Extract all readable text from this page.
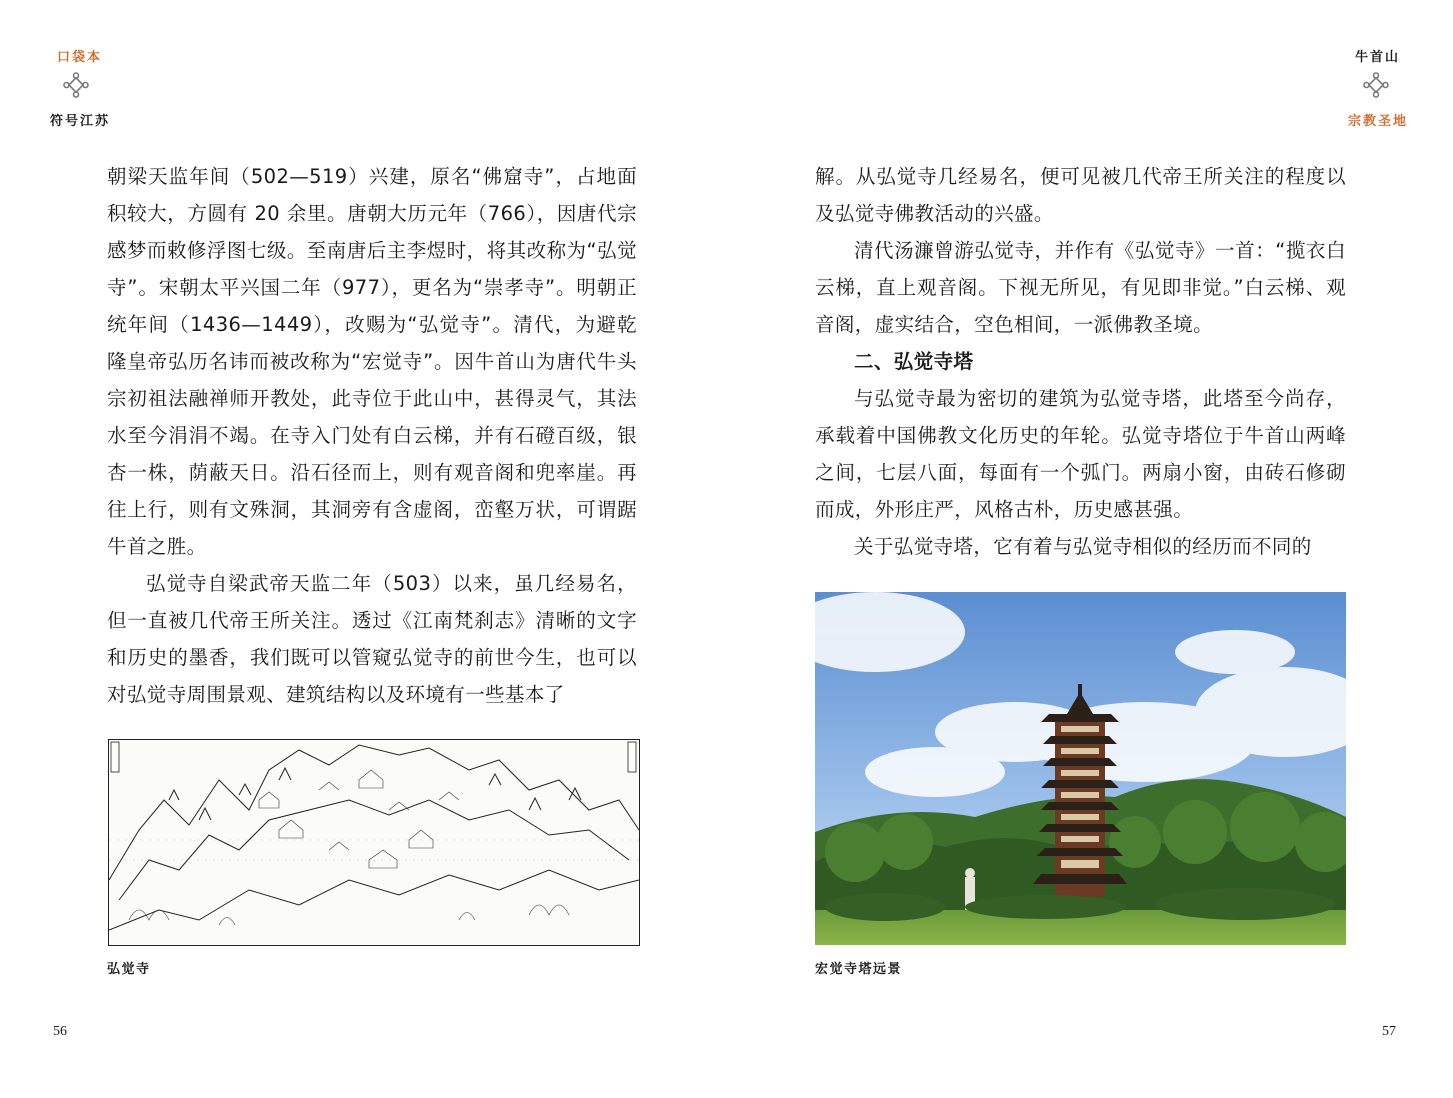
口袋本
符号江苏

朝梁天监年间（502—519）兴建，原名“佛窟寺”，占地面积较大，方圆有 20 余里。唐朝大历元年（766），因唐代宗感梦而敕修浮图七级。至南唐后主李煜时，将其改称为“弘觉寺”。宋朝太平兴国二年（977），更名为“崇孝寺”。明朝正统年间（1436—1449），改赐为“弘觉寺”。清代，为避乾隆皇帝弘历名讳而被改称为“宏觉寺”。因牛首山为唐代牛头宗初祖法融禅师开教处，此寺位于此山中，甚得灵气，其法水至今涓涓不竭。在寺入门处有白云梯，并有石磴百级，银杏一株，荫蔽天日。沿石径而上，则有观音阁和兜率崖。再往上行，则有文殊洞，其洞旁有含虚阁，峦壑万状，可谓踞牛首之胜。

弘觉寺自梁武帝天监二年（503）以来，虽几经易名，但一直被几代帝王所关注。透过《江南梵刹志》清晰的文字和历史的墨香，我们既可以管窥弘觉寺的前世今生，也可以对弘觉寺周围景观、建筑结构以及环境有一些基本了

弘觉寺
56
牛首山
宗教圣地

解。从弘觉寺几经易名，便可见被几代帝王所关注的程度以及弘觉寺佛教活动的兴盛。

清代汤濂曾游弘觉寺，并作有《弘觉寺》一首：“揽衣白云梯，直上观音阁。下视无所见，有见即非觉。”白云梯、观音阁，虚实结合，空色相间，一派佛教圣境。

二、弘觉寺塔

与弘觉寺最为密切的建筑为弘觉寺塔，此塔至今尚存，承载着中国佛教文化历史的年轮。弘觉寺塔位于牛首山两峰之间，七层八面，每面有一个弧门。两扇小窗，由砖石修砌而成，外形庄严，风格古朴，历史感甚强。

关于弘觉寺塔，它有着与弘觉寺相似的经历而不同的

宏觉寺塔远景
57
